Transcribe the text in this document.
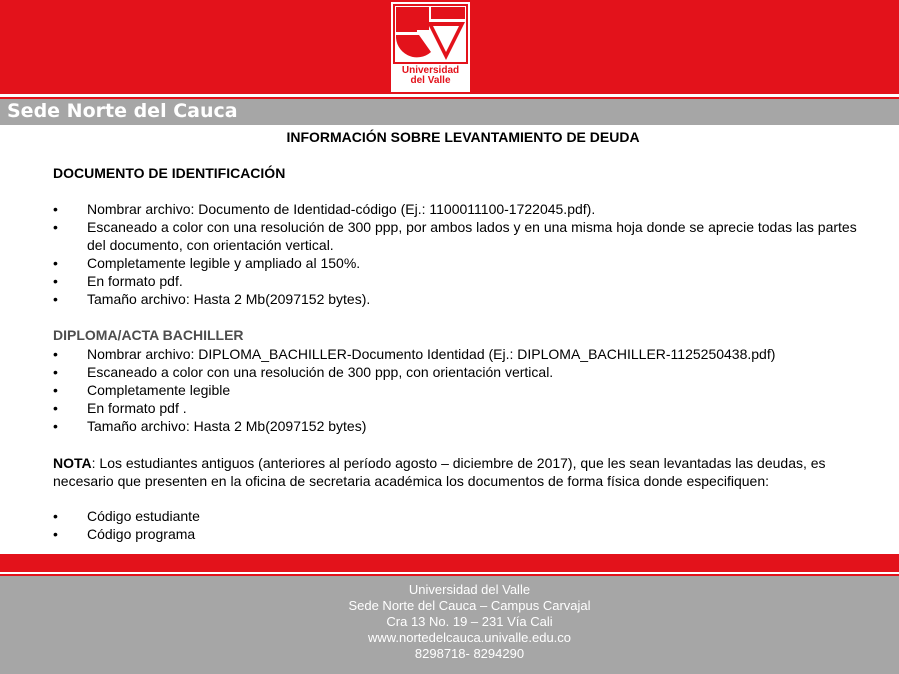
Universidad
del Valle
Sede Norte del Cauca
INFORMACIÓN SOBRE LEVANTAMIENTO DE DEUDA
DOCUMENTO DE IDENTIFICACIÓN
• Nombrar archivo: Documento de Identidad-código (Ej.: 1100011100-1722045.pdf).
• Escaneado a color con una resolución de 300 ppp, por ambos lados y en una misma hoja donde se aprecie todas las partes del documento, con orientación vertical.
• Completamente legible y ampliado al 150%.
• En formato pdf.
• Tamaño archivo: Hasta 2 Mb(2097152 bytes).
DIPLOMA/ACTA BACHILLER
• Nombrar archivo: DIPLOMA_BACHILLER-Documento Identidad (Ej.: DIPLOMA_BACHILLER-1125250438.pdf)
• Escaneado a color con una resolución de 300 ppp, con orientación vertical.
• Completamente legible
• En formato pdf .
• Tamaño archivo: Hasta 2 Mb(2097152 bytes)
NOTA: Los estudiantes antiguos (anteriores al período agosto – diciembre de 2017), que les sean levantadas las deudas, es necesario que presenten en la oficina de secretaria académica los documentos de forma física donde especifiquen:
• Código estudiante
• Código programa
Universidad del Valle
Sede Norte del Cauca – Campus Carvajal
Cra 13 No. 19 – 231 Vía Cali
www.nortedelcauca.univalle.edu.co
8298718- 8294290
